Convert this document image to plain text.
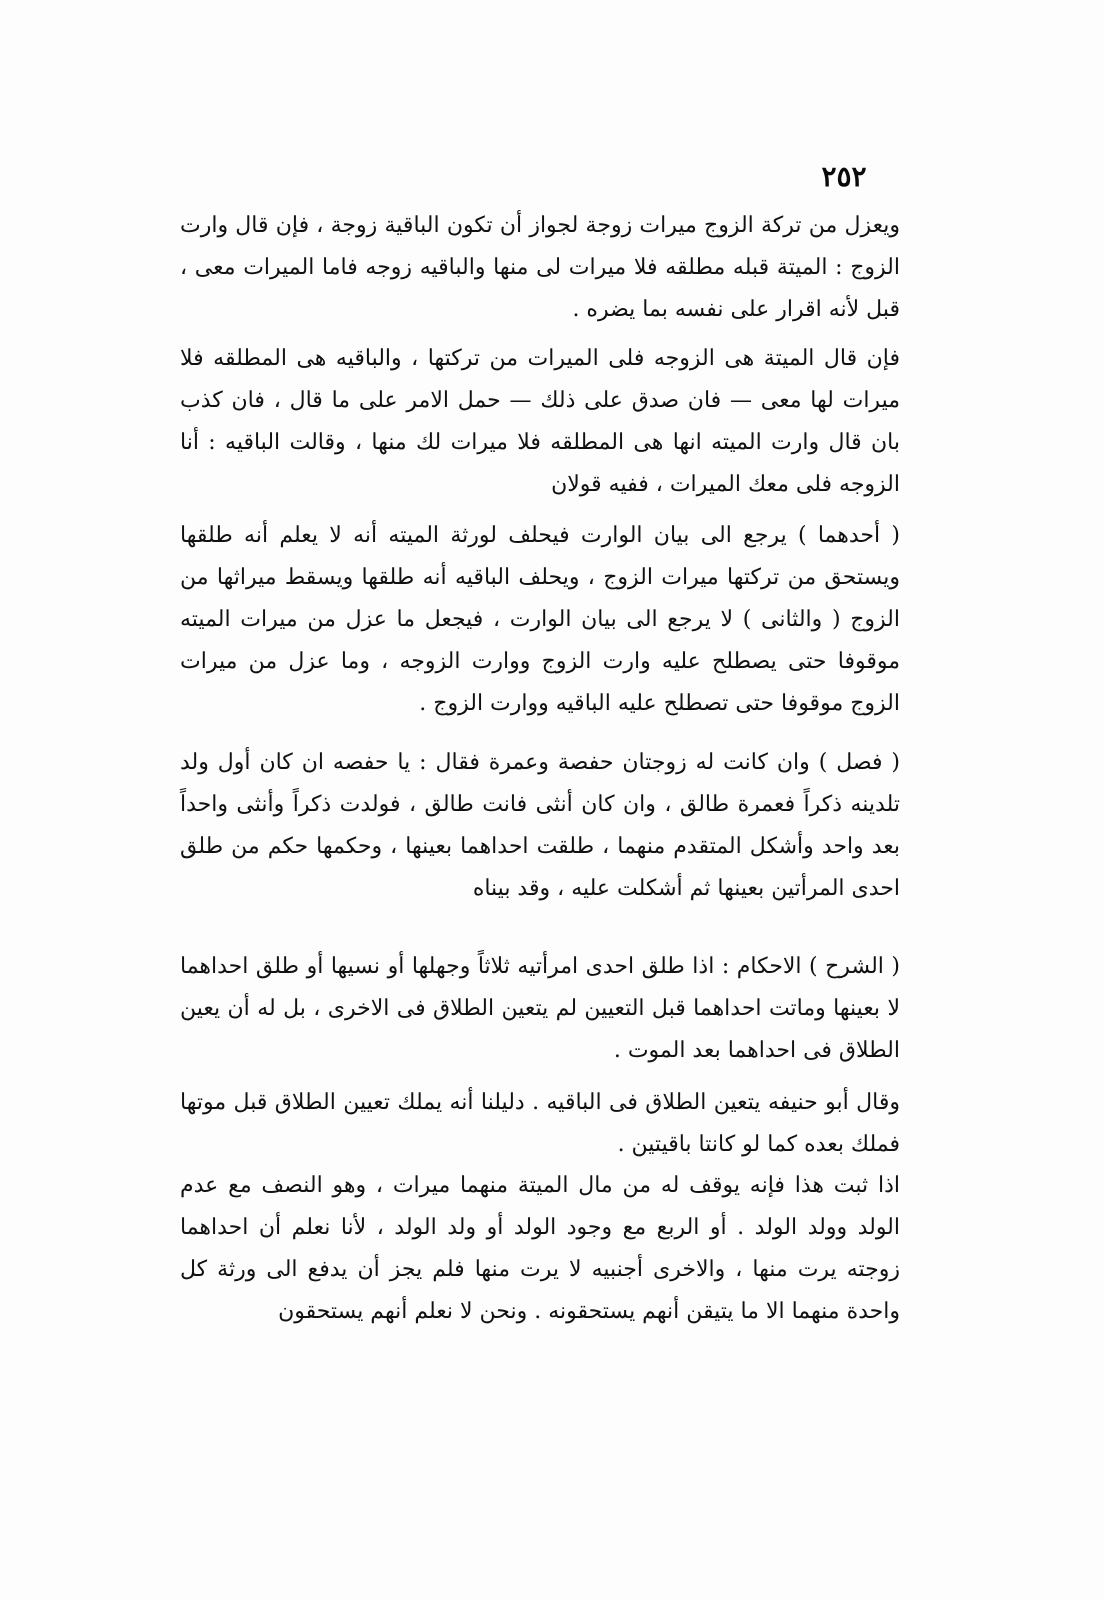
٢٥٢

ويعزل من تركة الزوج ميرات زوجة لجواز أن تكون الباقية زوجة ، فإن قال وارت الزوج : الميتة قبله مطلقه فلا ميرات لى منها والباقيه زوجه فاما الميرات معى ، قبل لأنه اقرار على نفسه بما يضره .

فإن قال الميتة هى الزوجه فلى الميرات من تركتها ، والباقيه هى المطلقه فلا ميرات لها معى — فان صدق على ذلك — حمل الامر على ما قال ، فان كذب بان قال وارت الميته انها هى المطلقه فلا ميرات لك منها ، وقالت الباقيه : أنا الزوجه فلى معك الميرات ، ففيه قولان

( أحدهما ) يرجع الى بيان الوارت فيحلف لورثة الميته أنه لا يعلم أنه طلقها ويستحق من تركتها ميرات الزوج ، ويحلف الباقيه أنه طلقها ويسقط ميراثها من الزوج ( والثانى ) لا يرجع الى بيان الوارت ، فيجعل ما عزل من ميرات الميته موقوفا حتى يصطلح عليه وارت الزوج ووارت الزوجه ، وما عزل من ميرات الزوج موقوفا حتى تصطلح عليه الباقيه ووارت الزوج .

( فصل ) وان كانت له زوجتان حفصة وعمرة فقال : يا حفصه ان كان أول ولد تلدينه ذكراً فعمرة طالق ، وان كان أنثى فانت طالق ، فولدت ذكراً وأنثى واحداً بعد واحد وأشكل المتقدم منهما ، طلقت احداهما بعينها ، وحكمها حكم من طلق احدى المرأتين بعينها ثم أشكلت عليه ، وقد بيناه

( الشرح ) الاحكام : اذا طلق احدى امرأتيه ثلاثاً وجهلها أو نسيها أو طلق احداهما لا بعينها وماتت احداهما قبل التعيين لم يتعين الطلاق فى الاخرى ، بل له أن يعين الطلاق فى احداهما بعد الموت .

وقال أبو حنيفه يتعين الطلاق فى الباقيه . دليلنا أنه يملك تعيين الطلاق قبل موتها فملك بعده كما لو كانتا باقيتين .

اذا ثبت هذا فإنه يوقف له من مال الميتة منهما ميرات ، وهو النصف مع عدم الولد وولد الولد . أو الربع مع وجود الولد أو ولد الولد ، لأنا نعلم أن احداهما زوجته يرت منها ، والاخرى أجنبيه لا يرت منها فلم يجز أن يدفع الى ورثة كل واحدة منهما الا ما يتيقن أنهم يستحقونه . ونحن لا نعلم أنهم يستحقون
